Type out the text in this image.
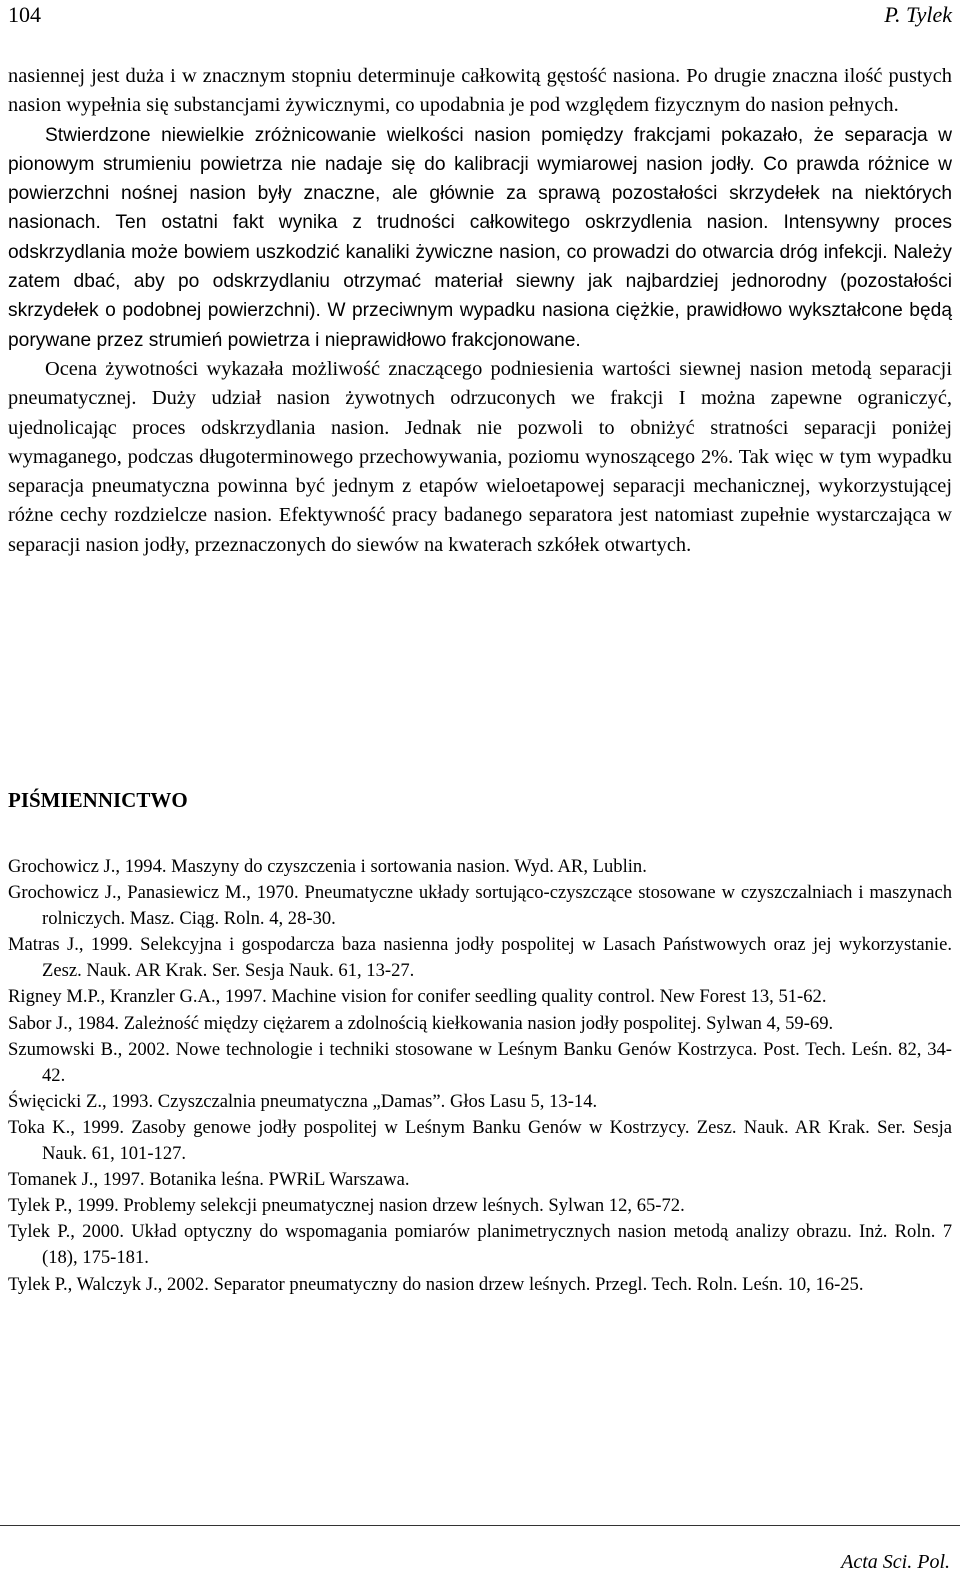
104	P. Tylek

nasiennej jest duża i w znacznym stopniu determinuje całkowitą gęstość nasiona. Po drugie znaczna ilość pustych nasion wypełnia się substancjami żywicznymi, co upodabnia je pod względem fizycznym do nasion pełnych.

Stwierdzone niewielkie zróżnicowanie wielkości nasion pomiędzy frakcjami pokazało, że separacja w pionowym strumieniu powietrza nie nadaje się do kalibracji wymiarowej nasion jodły. Co prawda różnice w powierzchni nośnej nasion były znaczne, ale głównie za sprawą pozostałości skrzydełek na niektórych nasionach. Ten ostatni fakt wynika z trudności całkowitego oskrzydlenia nasion. Intensywny proces odskrzydlania może bowiem uszkodzić kanaliki żywiczne nasion, co prowadzi do otwarcia dróg infekcji. Należy zatem dbać, aby po odskrzydlaniu otrzymać materiał siewny jak najbardziej jednorodny (pozostałości skrzydełek o podobnej powierzchni). W przeciwnym wypadku nasiona ciężkie, prawidłowo wykształcone będą porywane przez strumień powietrza i nieprawidłowo frakcjonowane.

Ocena żywotności wykazała możliwość znaczącego podniesienia wartości siewnej nasion metodą separacji pneumatycznej. Duży udział nasion żywotnych odrzuconych we frakcji I można zapewne ograniczyć, ujednolicając proces odskrzydlania nasion. Jednak nie pozwoli to obniżyć stratności separacji poniżej wymaganego, podczas długoterminowego przechowywania, poziomu wynoszącego 2%. Tak więc w tym wypadku separacja pneumatyczna powinna być jednym z etapów wieloetapowej separacji mechanicznej, wykorzystującej różne cechy rozdzielcze nasion. Efektywność pracy badanego separatora jest natomiast zupełnie wystarczająca w separacji nasion jodły, przeznaczonych do siewów na kwaterach szkółek otwartych.

PIŚMIENNICTWO

Grochowicz J., 1994. Maszyny do czyszczenia i sortowania nasion. Wyd. AR, Lublin.

Grochowicz J., Panasiewicz M., 1970. Pneumatyczne układy sortująco-czyszczące stosowane w czyszczalniach i maszynach rolniczych. Masz. Ciąg. Roln. 4, 28-30.

Matras J., 1999. Selekcyjna i gospodarcza baza nasienna jodły pospolitej w Lasach Państwowych oraz jej wykorzystanie. Zesz. Nauk. AR Krak. Ser. Sesja Nauk. 61, 13-27.

Rigney M.P., Kranzler G.A., 1997. Machine vision for conifer seedling quality control. New Forest 13, 51-62.

Sabor J., 1984. Zależność między ciężarem a zdolnością kiełkowania nasion jodły pospolitej. Sylwan 4, 59-69.

Szumowski B., 2002. Nowe technologie i techniki stosowane w Leśnym Banku Genów Kostrzyca. Post. Tech. Leśn. 82, 34-42.

Święcicki Z., 1993. Czyszczalnia pneumatyczna „Damas”. Głos Lasu 5, 13-14.

Toka K., 1999. Zasoby genowe jodły pospolitej w Leśnym Banku Genów w Kostrzycy. Zesz. Nauk. AR Krak. Ser. Sesja Nauk. 61, 101-127.

Tomanek J., 1997. Botanika leśna. PWRiL Warszawa.

Tylek P., 1999. Problemy selekcji pneumatycznej nasion drzew leśnych. Sylwan 12, 65-72.

Tylek P., 2000. Układ optyczny do wspomagania pomiarów planimetrycznych nasion metodą analizy obrazu. Inż. Roln. 7 (18), 175-181.

Tylek P., Walczyk J., 2002. Separator pneumatyczny do nasion drzew leśnych. Przegl. Tech. Roln. Leśn. 10, 16-25.

Acta Sci. Pol.
